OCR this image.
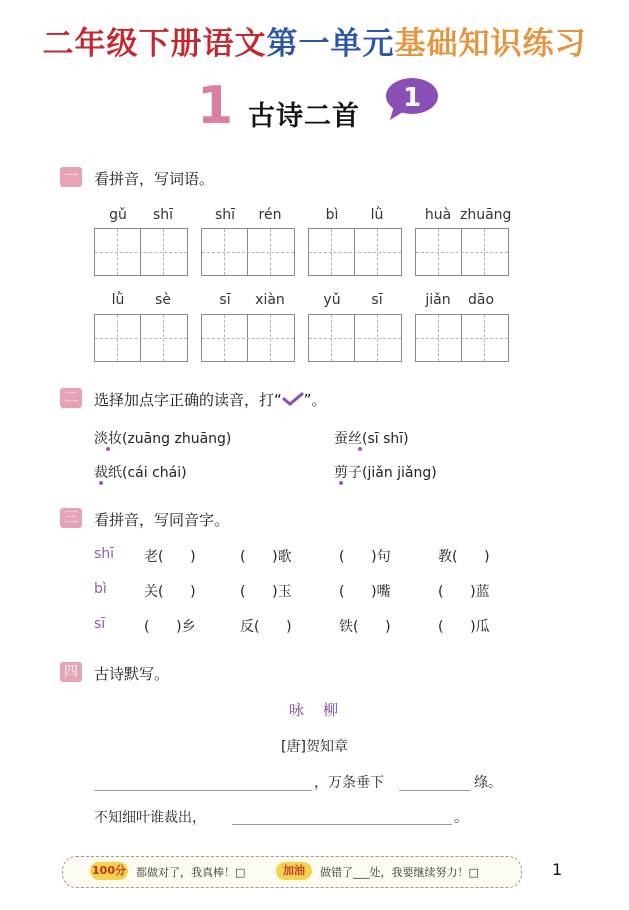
二年级下册语文第一单元基础知识练习
1 古诗二首
1
一 看拼音，写词语。
gǔ	shī	shī	rén	bì	lǜ	huà zhuāng
lǜ	sè	sī	xiàn	yǔ	sī	jiǎn	dāo
二 选择加点字正确的读音，打“ ”。
淡妆(zuāng zhuāng)	蚕丝(sī shī)
裁纸(cái chái)	剪子(jiǎn jiǎng)
三 看拼音，写同音字。
shī 老(      )	(      )歌	(      )句	教(      )
bì	关(      )	(      )玉	(      )嘴	(      )蓝
sī	(      )乡	反(      )	铁(      )	(      )瓜
四 古诗默写。
咏　柳
[唐]贺知章
，万条垂下	绦。
不知细叶谁裁出，	。
100分 都做对了，我真棒！□	加油	做错了___处，我要继续努力！□	1
